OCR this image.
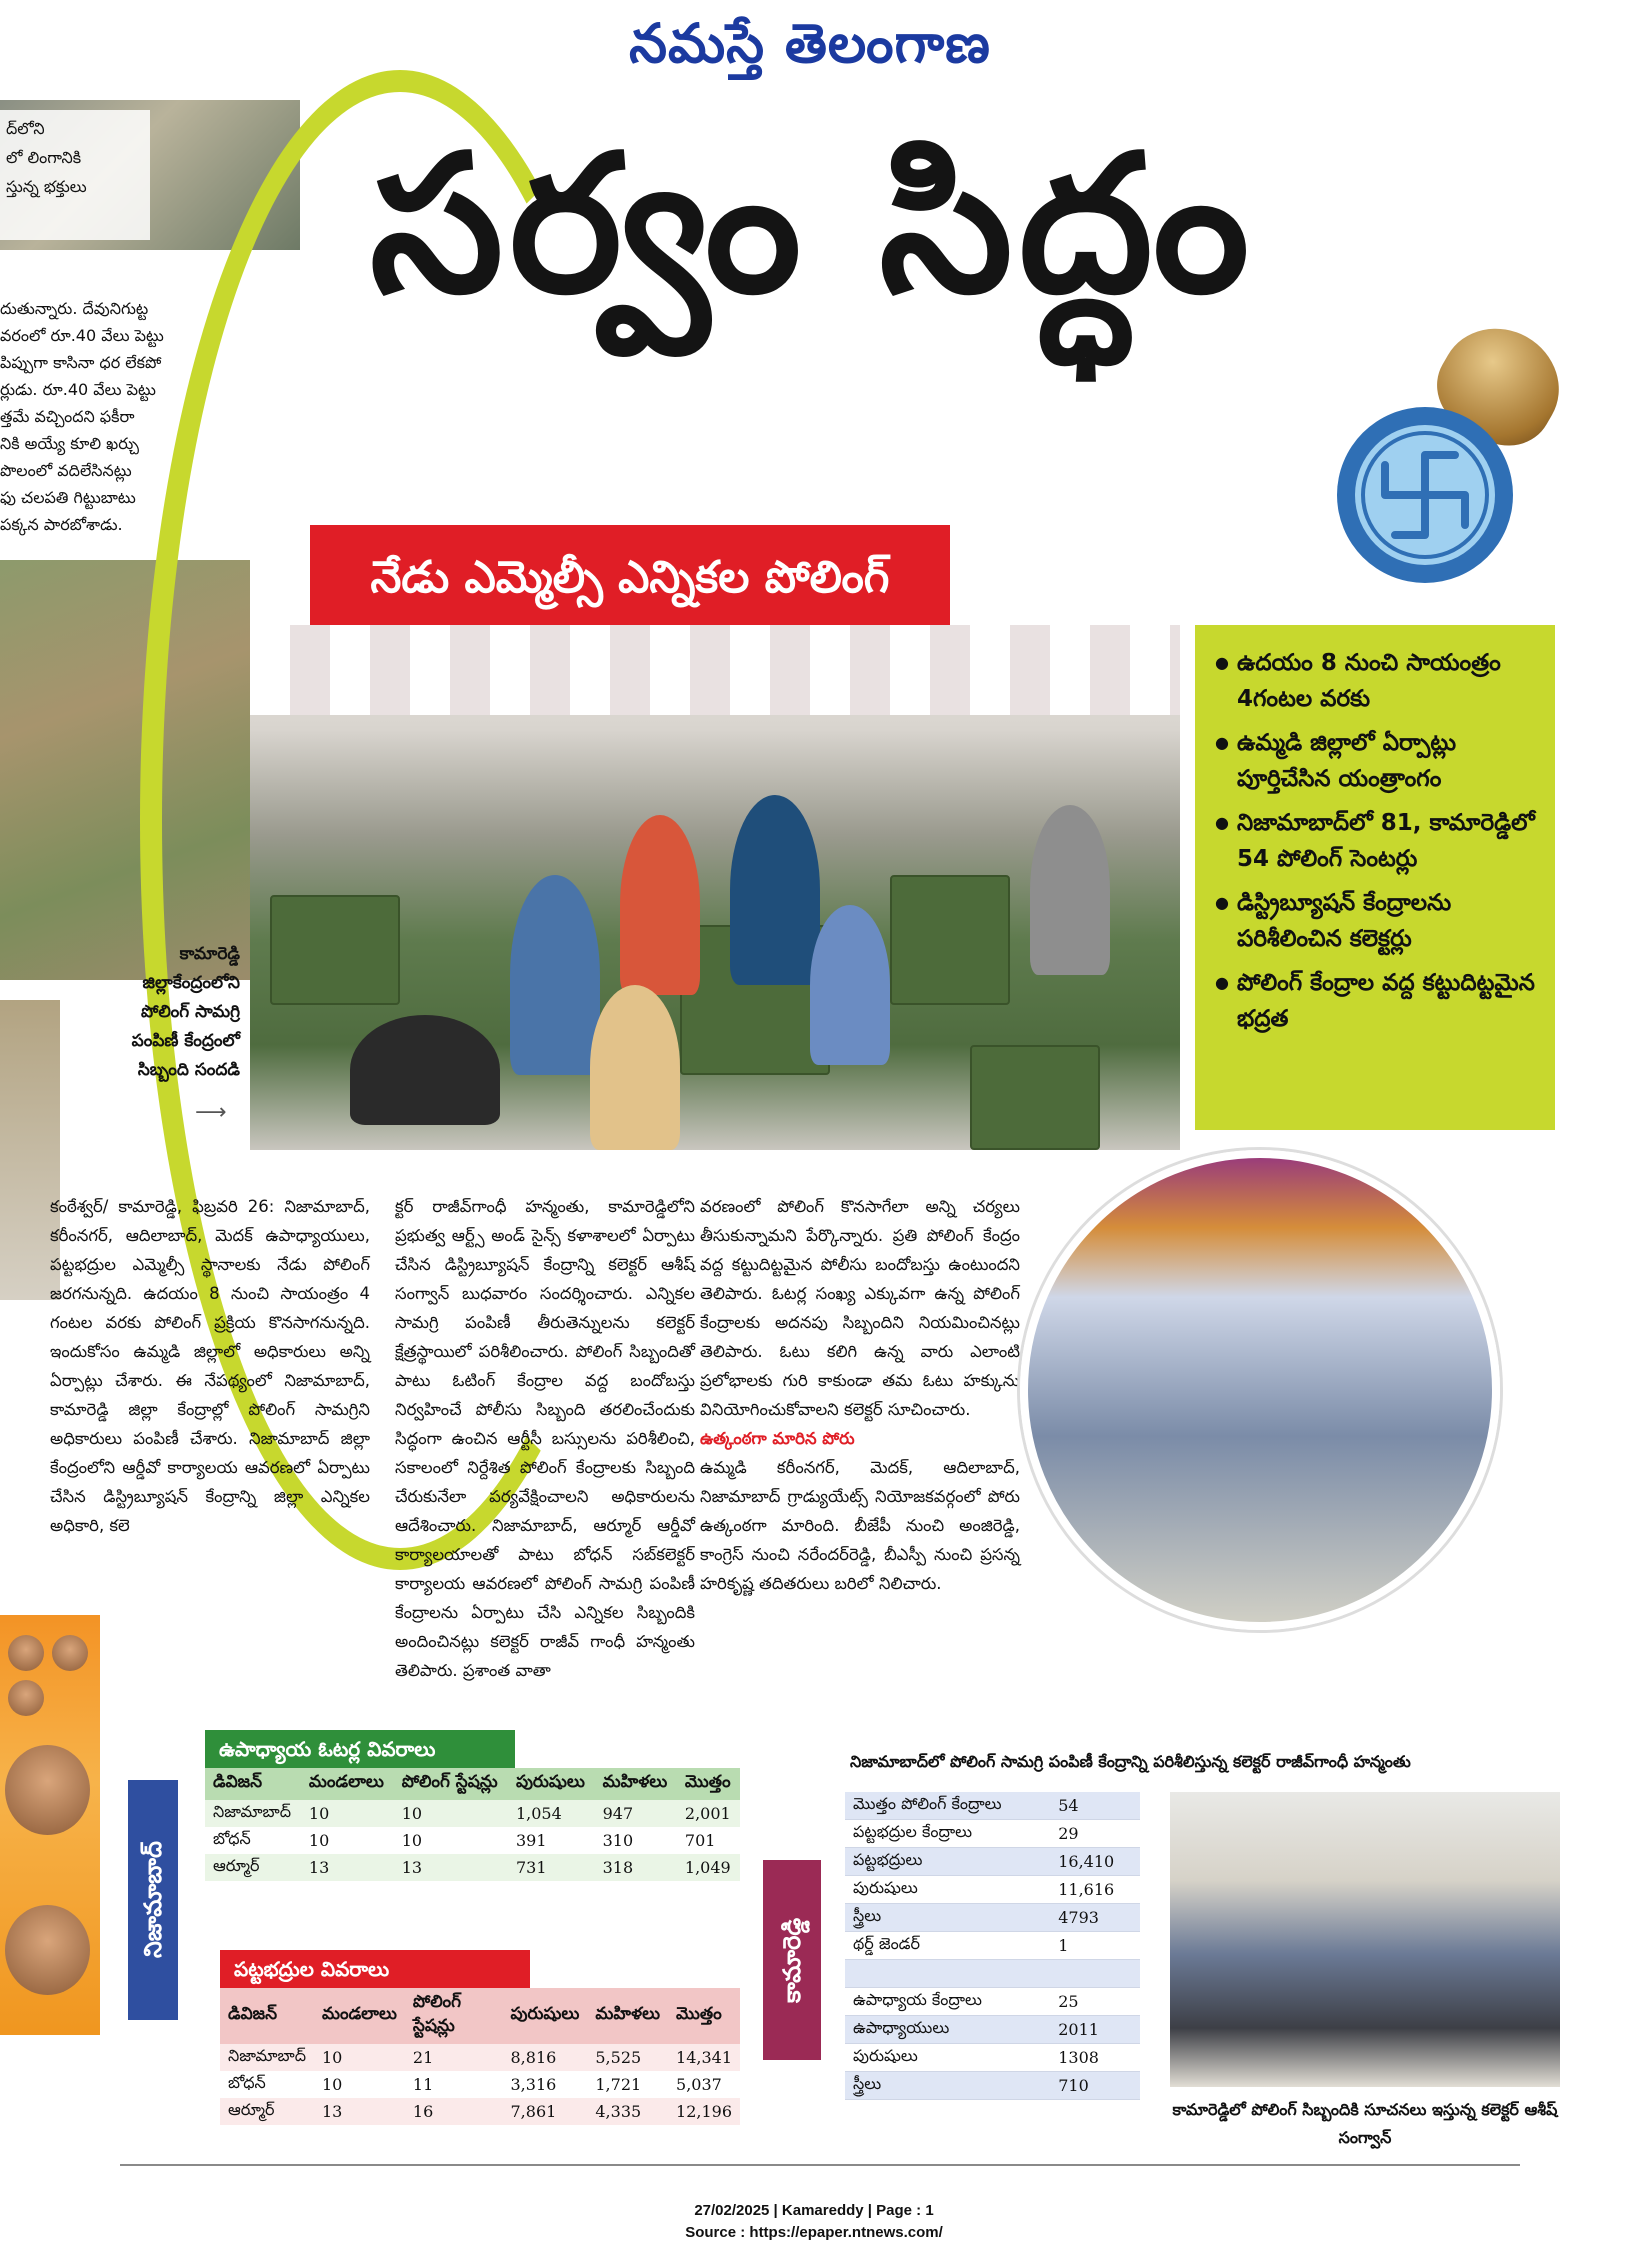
నమస్తే తెలంగాణ
ద్‌లోని
లో లింగానికి
స్తున్న భక్తులు
దుతున్నారు. దేవునిగుట్ట
వరంలో రూ.40 వేలు పెట్టు
పిప్పుగా కాసినా ధర లేకపో
ర్లుడు. రూ.40 వేలు పెట్టు
త్తమే వచ్చిందని ఫకీరా
నికి అయ్యే కూలి ఖర్చు
పొలంలో వదిలేసినట్లు
ఫు చలపతి గిట్టుబాటు
పక్కన పారబోశాడు.
సర్వం సిద్ధం
నేడు ఎమ్మెల్సీ ఎన్నికల పోలింగ్
కామారెడ్డి
జిల్లాకేంద్రంలోని
పోలింగ్ సామగ్రి
పంపిణీ కేంద్రంలో
సిబ్బంది సందడి
⟶
● ఉదయం 8 నుంచి సాయంత్రం 4గంటల వరకు
● ఉమ్మడి జిల్లాలో ఏర్పాట్లు పూర్తిచేసిన యంత్రాంగం
● నిజామాబాద్‌లో 81, కామారెడ్డిలో 54 పోలింగ్ సెంటర్లు
● డిస్ట్రిబ్యూషన్ కేంద్రాలను పరిశీలించిన కలెక్టర్లు
● పోలింగ్ కేంద్రాల వద్ద కట్టుదిట్టమైన భద్రత
కంఠేశ్వర్/ కామారెడ్డి, ఫిబ్రవరి 26: నిజామాబాద్, కరీంనగర్, ఆదిలాబాద్, మెదక్ ఉపాధ్యాయులు, పట్టభద్రుల ఎమ్మెల్సీ స్థానాలకు నేడు పోలింగ్ జరగనున్నది. ఉదయం 8 నుంచి సాయంత్రం 4 గంటల వరకు పోలింగ్ ప్రక్రియ కొనసాగనున్నది. ఇందుకోసం ఉమ్మడి జిల్లాలో అధికారులు అన్ని ఏర్పాట్లు చేశారు. ఈ నేపథ్యంలో నిజామాబాద్, కామారెడ్డి జిల్లా కేంద్రాల్లో పోలింగ్ సామగ్రిని అధికారులు పంపిణీ చేశారు. నిజామాబాద్ జిల్లా కేంద్రంలోని ఆర్డీవో కార్యాలయ ఆవరణలో ఏర్పాటు చేసిన డిస్ట్రిబ్యూషన్ కేంద్రాన్ని జిల్లా ఎన్నికల అధికారి, కలె
క్టర్ రాజీవ్‌గాంధీ హన్మంతు, కామారెడ్డిలోని ప్రభుత్వ ఆర్ట్స్ అండ్ సైన్స్ కళాశాలలో ఏర్పాటు చేసిన డిస్ట్రిబ్యూషన్ కేంద్రాన్ని కలెక్టర్ ఆశీష్ సంగ్వాన్ బుధవారం సందర్శించారు. ఎన్నికల సామగ్రి పంపిణీ తీరుతెన్నులను కలెక్టర్ క్షేత్రస్థాయిలో పరిశీలించారు. పోలింగ్ సిబ్బందితో పాటు ఓటింగ్ కేంద్రాల వద్ద బందోబస్తు నిర్వహించే పోలీసు సిబ్బంది తరలించేందుకు సిద్ధంగా ఉంచిన ఆర్టీసీ బస్సులను పరిశీలించి, సకాలంలో నిర్దేశిత పోలింగ్ కేంద్రాలకు సిబ్బంది చేరుకునేలా పర్యవేక్షించాలని అధికారులను ఆదేశించారు. నిజామాబాద్, ఆర్మూర్ ఆర్డీవో కార్యాలయాలతో పాటు బోధన్ సబ్‌కలెక్టర్ కార్యాలయ ఆవరణలో పోలింగ్ సామగ్రి పంపిణీ కేంద్రాలను ఏర్పాటు చేసి ఎన్నికల సిబ్బందికి అందించినట్లు కలెక్టర్ రాజీవ్ గాంధీ హన్మంతు తెలిపారు. ప్రశాంత వాతా
వరణంలో పోలింగ్ కొనసాగేలా అన్ని చర్యలు తీసుకున్నామని పేర్కొన్నారు. ప్రతి పోలింగ్ కేంద్రం వద్ద కట్టుదిట్టమైన పోలీసు బందోబస్తు ఉంటుందని తెలిపారు. ఓటర్ల సంఖ్య ఎక్కువగా ఉన్న పోలింగ్ కేంద్రాలకు అదనపు సిబ్బందిని నియమించినట్లు తెలిపారు. ఓటు కలిగి ఉన్న వారు ఎలాంటి ప్రలోభాలకు గురి కాకుండా తమ ఓటు హక్కును వినియోగించుకోవాలని కలెక్టర్ సూచించారు.
ఉత్కంఠగా మారిన పోరు
ఉమ్మడి కరీంనగర్, మెదక్, ఆదిలాబాద్, నిజామాబాద్ గ్రాడ్యుయేట్స్ నియోజకవర్గంలో పోరు ఉత్కంఠగా మారింది. బీజేపీ నుంచి అంజిరెడ్డి, కాంగ్రెస్ నుంచి నరేందర్‌రెడ్డి, బీఎస్పీ నుంచి ప్రసన్న హరికృష్ణ తదితరులు బరిలో నిలిచారు.
నిజామాబాద్
ఉపాధ్యాయ ఓటర్ల వివరాలు
డివిజన్	మండలాలు	పోలింగ్ స్టేషన్లు	పురుషులు	మహిళలు	మొత్తం
నిజామాబాద్	10	10	1,054	947	2,001
బోధన్	10	10	391	310	701
ఆర్మూర్	13	13	731	318	1,049
పట్టభద్రుల వివరాలు
డివిజన్	మండలాలు	పోలింగ్ స్టేషన్లు	పురుషులు	మహిళలు	మొత్తం
నిజామాబాద్	10	21	8,816	5,525	14,341
బోధన్	10	11	3,316	1,721	5,037
ఆర్మూర్	13	16	7,861	4,335	12,196
నిజామాబాద్‌లో పోలింగ్ సామగ్రి పంపిణీ కేంద్రాన్ని పరిశీలిస్తున్న కలెక్టర్ రాజీవ్‌గాంధీ హన్మంతు
కామారెడ్డి
మొత్తం పోలింగ్ కేంద్రాలు	54
పట్టభద్రుల కేంద్రాలు	29
పట్టభద్రులు	16,410
పురుషులు	11,616
స్త్రీలు	4793
థర్డ్ జెండర్	1

ఉపాధ్యాయ కేంద్రాలు	25
ఉపాధ్యాయులు	2011
పురుషులు	1308
స్త్రీలు	710
కామారెడ్డిలో పోలింగ్ సిబ్బందికి సూచనలు ఇస్తున్న కలెక్టర్ ఆశీష్ సంగ్వాన్
27/02/2025 | Kamareddy | Page : 1
Source : https://epaper.ntnews.com/
